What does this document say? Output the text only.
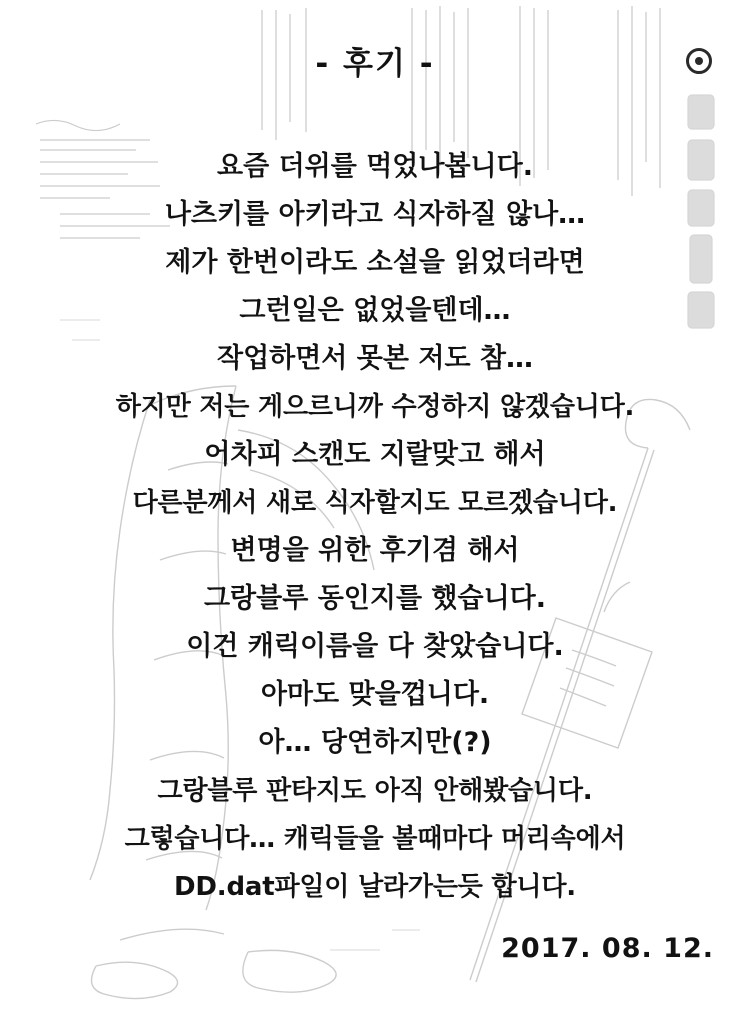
- 후기 -
요즘 더위를 먹었나봅니다.
나츠키를 아키라고 식자하질 않나…
제가 한번이라도 소설을 읽었더라면
그런일은 없었을텐데…
작업하면서 못본 저도 참…
하지만 저는 게으르니까 수정하지 않겠습니다.
어차피 스캔도 지랄맞고 해서
다른분께서 새로 식자할지도 모르겠습니다.
변명을 위한 후기겸 해서
그랑블루 동인지를 했습니다.
이건 캐릭이름을 다 찾았습니다.
아마도 맞을껍니다.
아… 당연하지만(?)
그랑블루 판타지도 아직 안해봤습니다.
그렇습니다… 캐릭들을 볼때마다 머리속에서
DD.dat파일이 날라가는듯 합니다.
2017. 08. 12.
